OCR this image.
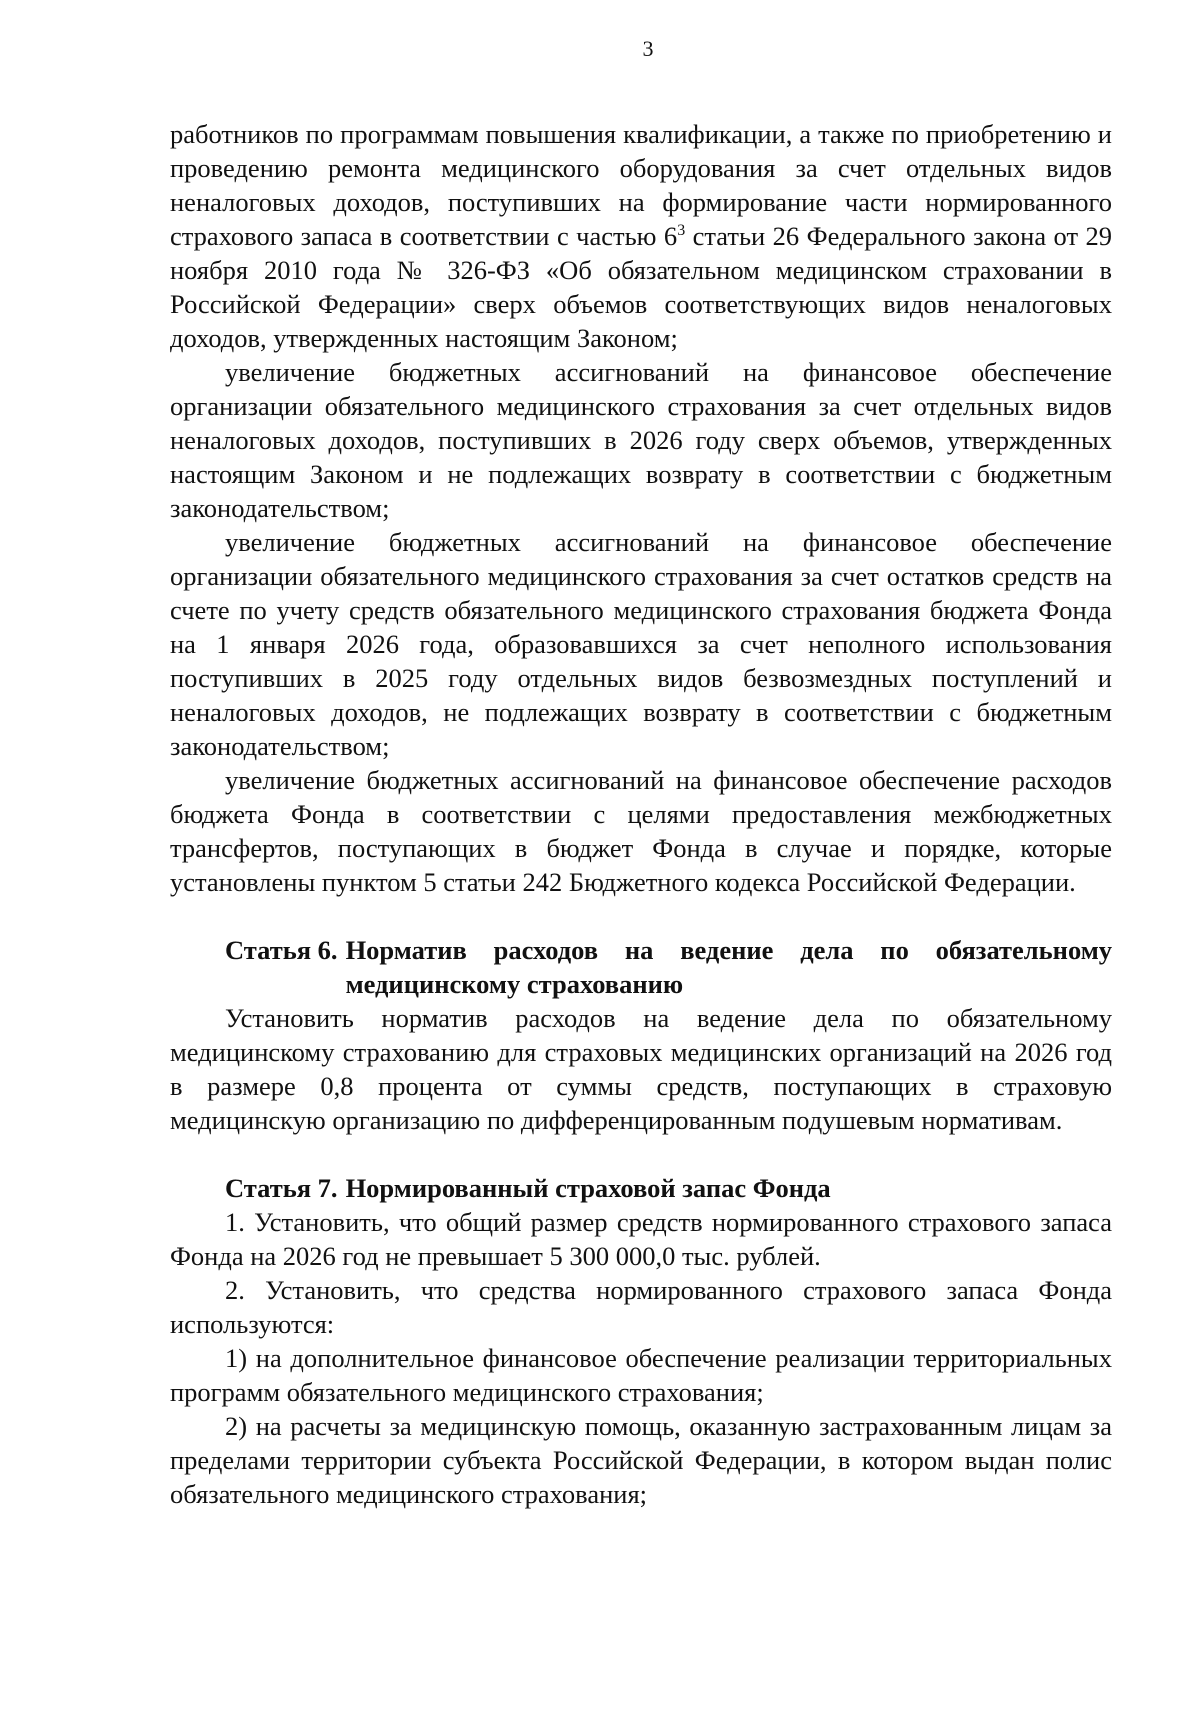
3

работников по программам повышения квалификации, а также по приобретению и проведению ремонта медицинского оборудования за счет отдельных видов неналоговых доходов, поступивших на формирование части нормированного страхового запаса в соответствии с частью $6^3$ статьи 26 Федерального закона от 29 ноября 2010 года № 326-ФЗ «Об обязательном медицинском страховании в Российской Федерации» сверх объемов соответствующих видов неналоговых доходов, утвержденных настоящим Законом;

увеличение бюджетных ассигнований на финансовое обеспечение организации обязательного медицинского страхования за счет отдельных видов неналоговых доходов, поступивших в 2026 году сверх объемов, утвержденных настоящим Законом и не подлежащих возврату в соответствии с бюджетным законодательством;

увеличение бюджетных ассигнований на финансовое обеспечение организации обязательного медицинского страхования за счет остатков средств на счете по учету средств обязательного медицинского страхования бюджета Фонда на 1 января 2026 года, образовавшихся за счет неполного использования поступивших в 2025 году отдельных видов безвозмездных поступлений и неналоговых доходов, не подлежащих возврату в соответствии с бюджетным законодательством;

увеличение бюджетных ассигнований на финансовое обеспечение расходов бюджета Фонда в соответствии с целями предоставления межбюджетных трансфертов, поступающих в бюджет Фонда в случае и порядке, которые установлены пунктом 5 статьи 242 Бюджетного кодекса Российской Федерации.

Статья 6. Норматив расходов на ведение дела по обязательному медицинскому страхованию

Установить норматив расходов на ведение дела по обязательному медицинскому страхованию для страховых медицинских организаций на 2026 год в размере 0,8 процента от суммы средств, поступающих в страховую медицинскую организацию по дифференцированным подушевым нормативам.

Статья 7. Нормированный страховой запас Фонда

1. Установить, что общий размер средств нормированного страхового запаса Фонда на 2026 год не превышает 5 300 000,0 тыс. рублей.

2. Установить, что средства нормированного страхового запаса Фонда используются:

1) на дополнительное финансовое обеспечение реализации территориальных программ обязательного медицинского страхования;

2) на расчеты за медицинскую помощь, оказанную застрахованным лицам за пределами территории субъекта Российской Федерации, в котором выдан полис обязательного медицинского страхования;
